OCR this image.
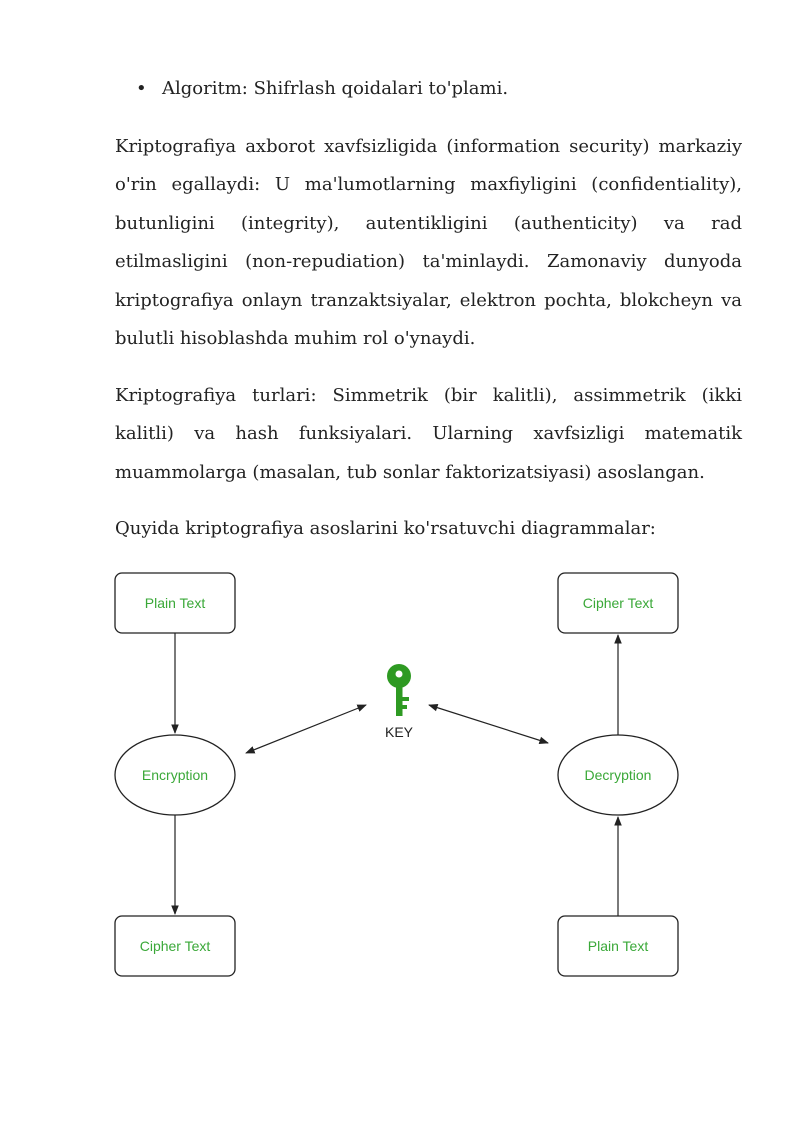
• Algoritm: Shifrlash qoidalari to'plami.

Kriptografiya axborot xavfsizligida (information security) markaziy o'rin egallaydi: U ma'lumotlarning maxfiyligini (confidentiality), butunligini (integrity), autentikligini (authenticity) va rad etilmasligini (non-repudiation) ta'minlaydi. Zamonaviy dunyoda kriptografiya onlayn tranzaktsiyalar, elektron pochta, blokcheyn va bulutli hisoblashda muhim rol o'ynaydi.

Kriptografiya turlari: Simmetrik (bir kalitli), assimmetrik (ikki kalitli) va hash funksiyalari. Ularning xavfsizligi matematik muammolarga (masalan, tub sonlar faktorizatsiyasi) asoslangan.

Quyida kriptografiya asoslarini ko'rsatuvchi diagrammalar:

Plain Text
Encryption
Cipher Text
Cipher Text
Decryption
Plain Text
KEY
